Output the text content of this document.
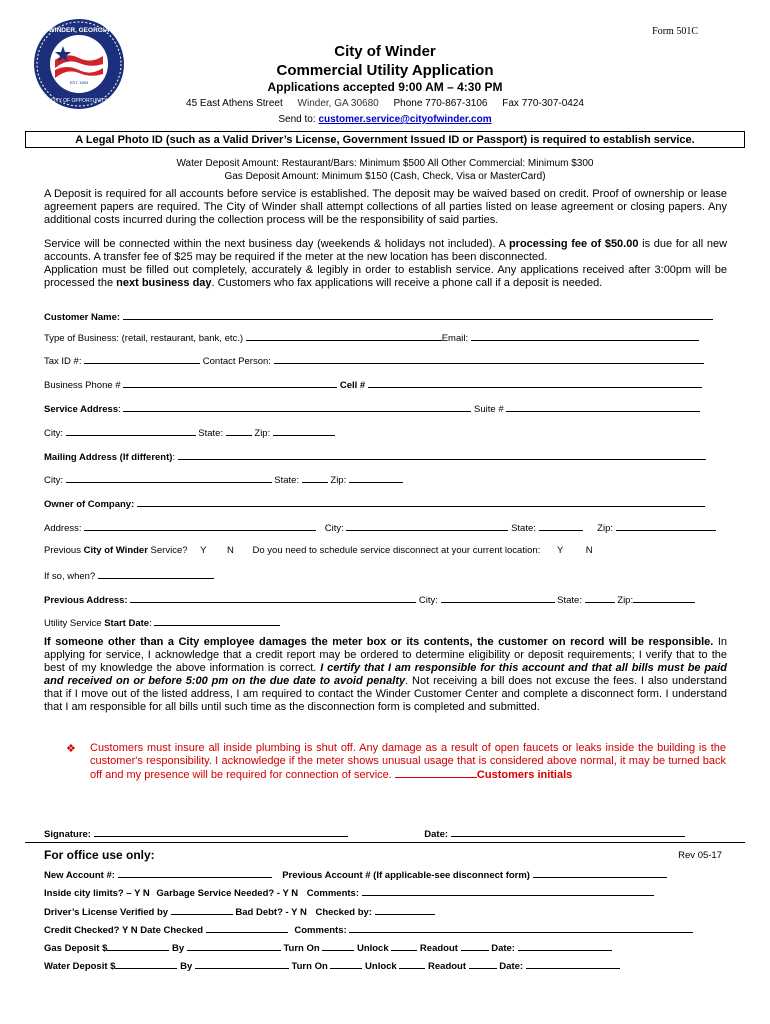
EST. 1893
WINDER, GEORGIA
CITY OF OPPORTUNITY
Form 501C
City of Winder
Commercial Utility Application
Applications accepted 9:00 AM – 4:30 PM
45 East Athens Street Winder, GA 30680 Phone 770-867-3106 Fax 770-307-0424
Send to: customer.service@cityofwinder.com
A Legal Photo ID (such as a Valid Driver’s License, Government Issued ID or Passport) is required to establish service.
Water Deposit Amount: Restaurant/Bars: Minimum $500 All Other Commercial: Minimum $300
Gas Deposit Amount: Minimum $150 (Cash, Check, Visa or MasterCard)
A Deposit is required for all accounts before service is established. The deposit may be waived based on credit. Proof of ownership or lease agreement papers are required. The City of Winder shall attempt collections of all parties listed on lease agreement or closing papers. Any additional costs incurred during the collection process will be the responsibility of said parties.
Service will be connected within the next business day (weekends & holidays not included). A processing fee of $50.00 is due for all new accounts. A transfer fee of $25 may be required if the meter at the new location has been disconnected.
Application must be filled out completely, accurately & legibly in order to establish service. Any applications received after 3:00pm will be processed the next business day. Customers who fax applications will receive a phone call if a deposit is needed.
Customer Name:
Type of Business: (retail, restaurant, bank, etc.)	Email:
Tax ID #:	Contact Person:
Business Phone #	Cell #
Service Address:	Suite #
City:	State:	Zip:
Mailing Address (If different):
City:	State:	Zip:
Owner of Company:
Address:	City:	State:	Zip:
Previous City of Winder Service? Y N Do you need to schedule service disconnect at your current location: Y N
If so, when?
Previous Address:	City:	State:	Zip:
Utility Service Start Date:
If someone other than a City employee damages the meter box or its contents, the customer on record will be responsible. In applying for service, I acknowledge that a credit report may be ordered to determine eligibility or deposit requirements; I verify that to the best of my knowledge the above information is correct. I certify that I am responsible for this account and that all bills must be paid and received on or before 5:00 pm on the due date to avoid penalty. Not receiving a bill does not excuse the fees. I also understand that if I move out of the listed address, I am required to contact the Winder Customer Center and complete a disconnect form. I understand that I am responsible for all bills until such time as the disconnection form is completed and submitted.
❖ Customers must insure all inside plumbing is shut off. Any damage as a result of open faucets or leaks inside the building is the customer's responsibility. I acknowledge if the meter shows unusual usage that is considered above normal, it may be turned back off and my presence will be required for connection of service.	Customers initials
Signature:	Date:
For office use only:	Rev 05-17
New Account #:	Previous Account # (If applicable-see disconnect form)
Inside city limits? – Y N Garbage Service Needed? - Y N Comments:
Driver’s License Verified by	Bad Debt? - Y N Checked by:
Credit Checked? Y N Date Checked	Comments:
Gas Deposit $	By	Turn On	Unlock	Readout	Date:
Water Deposit $	By	Turn On	Unlock	Readout	Date:
